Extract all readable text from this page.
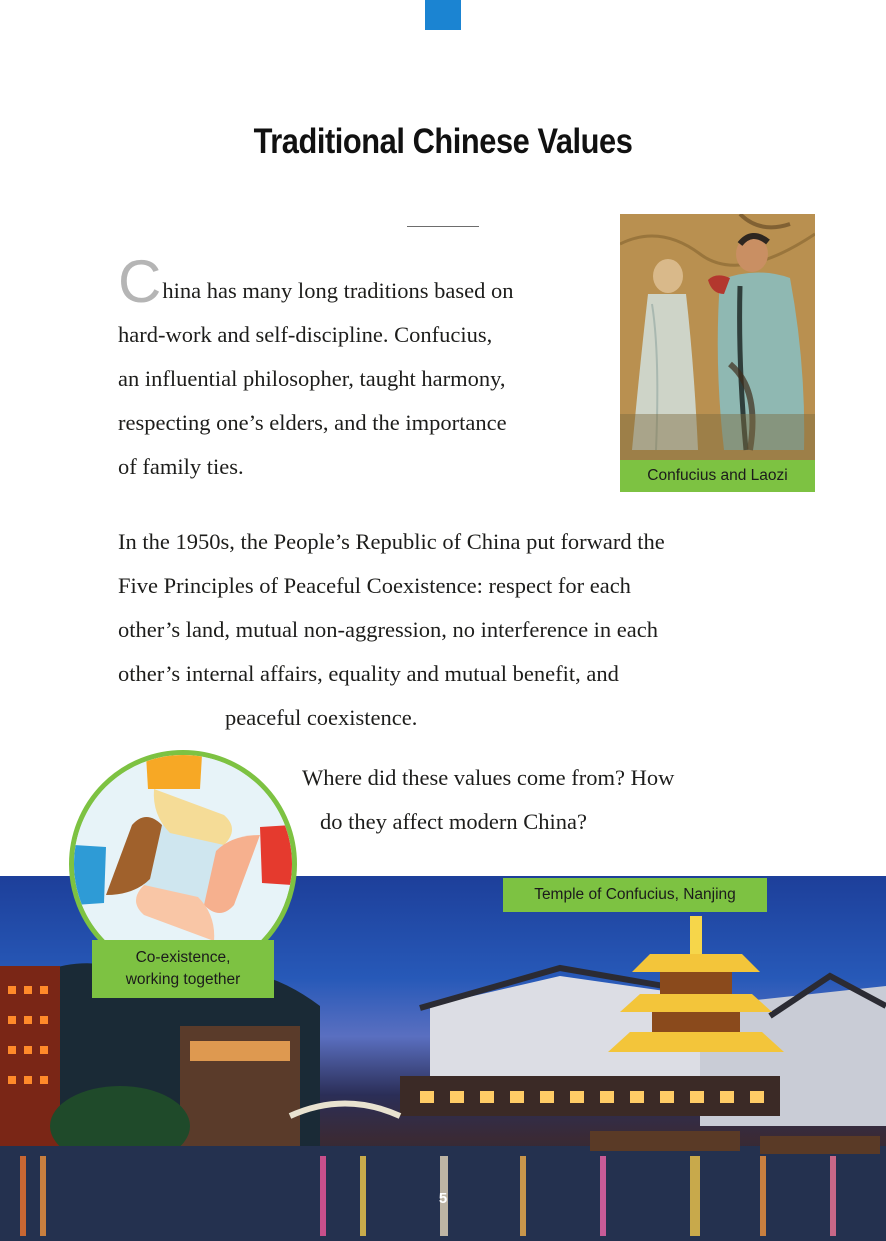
Traditional Chinese Values
China has many long traditions based on
hard-work and self-discipline. Confucius,
an influential philosopher, taught harmony,
respecting one’s elders, and the importance
of family ties.	Confucius and Laozi
In the 1950s, the People’s Republic of China put forward the
Five Principles of Peaceful Coexistence: respect for each
other’s land, mutual non-aggression, no interference in each
other’s internal affairs, equality and mutual benefit, and
peaceful coexistence.
Where did these values come from? How
do they affect modern China?
Temple of Confucius, Nanjing
Co-existence,
working together
5
